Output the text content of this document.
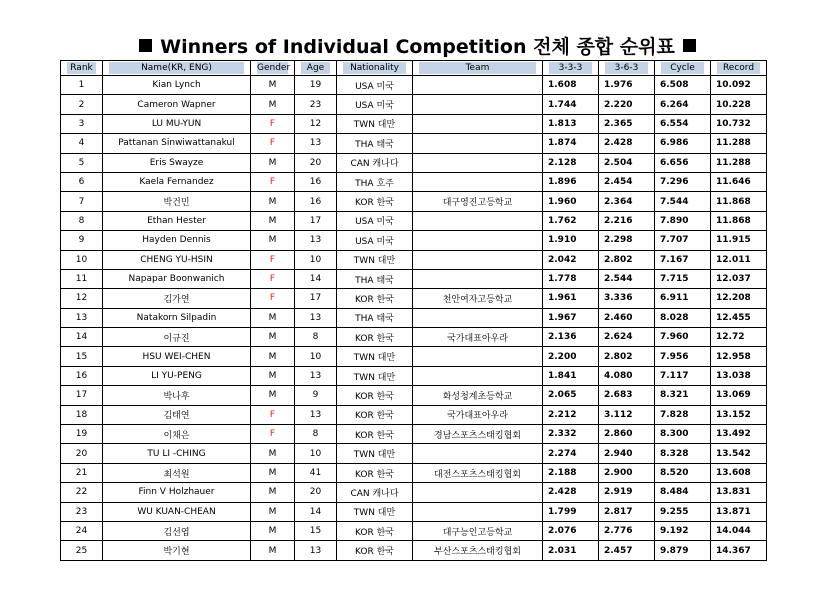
Winners of Individual Competition 전체 종합 순위표
Rank	Name(KR, ENG)	Gender	Age	Nationality	Team	3-3-3	3-6-3	Cycle	Record

1	Kian Lynch	M	19	USA 미국		1.608	1.976	6.508	10.092
2	Cameron Wapner	M	23	USA 미국		1.744	2.220	6.264	10.228
3	LU MU-YUN	F	12	TWN 대만		1.813	2.365	6.554	10.732
4	Pattanan Sinwiwattanakul	F	13	THA 태국		1.874	2.428	6.986	11.288
5	Eris Swayze	M	20	CAN 캐나다		2.128	2.504	6.656	11.288
6	Kaela Fernandez	F	16	THA 호주		1.896	2.454	7.296	11.646
7	박건민	M	16	KOR 한국	대구영진고등학교	1.960	2.364	7.544	11.868
8	Ethan Hester	M	17	USA 미국		1.762	2.216	7.890	11.868
9	Hayden Dennis	M	13	USA 미국		1.910	2.298	7.707	11.915
10	CHENG YU-HSIN	F	10	TWN 대만		2.042	2.802	7.167	12.011
11	Napapar Boonwanich	F	14	THA 태국		1.778	2.544	7.715	12.037
12	김가연	F	17	KOR 한국	천안여자고등학교	1.961	3.336	6.911	12.208
13	Natakorn Silpadin	M	13	THA 태국		1.967	2.460	8.028	12.455
14	이규진	M	8	KOR 한국	국가대표아우라	2.136	2.624	7.960	12.72
15	HSU WEI-CHEN	M	10	TWN 대만		2.200	2.802	7.956	12.958
16	LI YU-PENG	M	13	TWN 대만		1.841	4.080	7.117	13.038
17	박나후	M	9	KOR 한국	화성청계초등학교	2.065	2.683	8.321	13.069
18	김태연	F	13	KOR 한국	국가대표아우라	2.212	3.112	7.828	13.152
19	이채은	F	8	KOR 한국	경남스포츠스태킹협회	2.332	2.860	8.300	13.492
20	TU LI -CHING	M	10	TWN 대만		2.274	2.940	8.328	13.542
21	최석원	M	41	KOR 한국	대전스포츠스태킹협회	2.188	2.900	8.520	13.608
22	Finn V Holzhauer	M	20	CAN 캐나다		2.428	2.919	8.484	13.831
23	WU KUAN-CHEAN	M	14	TWN 대만		1.799	2.817	9.255	13.871
24	김선엽	M	15	KOR 한국	대구능인고등학교	2.076	2.776	9.192	14.044
25	박기현	M	13	KOR 한국	부산스포츠스태킹협회	2.031	2.457	9.879	14.367
